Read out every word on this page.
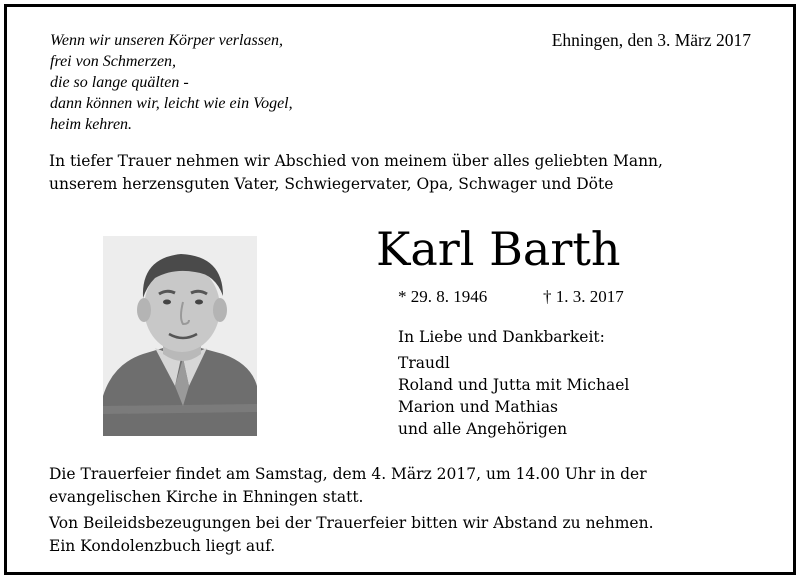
Wenn wir unseren Körper verlassen,
frei von Schmerzen,
die so lange quälten -
dann können wir, leicht wie ein Vogel,
heim kehren.
Ehningen, den 3. März 2017
In tiefer Trauer nehmen wir Abschied von meinem über alles geliebten Mann,
unserem herzensguten Vater, Schwiegervater, Opa, Schwager und Döte
Karl Barth
* 29. 8. 1946	† 1. 3. 2017
In Liebe und Dankbarkeit:
Traudl
Roland und Jutta mit Michael
Marion und Mathias
und alle Angehörigen
Die Trauerfeier findet am Samstag, dem 4. März 2017, um 14.00 Uhr in der
evangelischen Kirche in Ehningen statt.
Von Beileidsbezeugungen bei der Trauerfeier bitten wir Abstand zu nehmen.
Ein Kondolenzbuch liegt auf.
